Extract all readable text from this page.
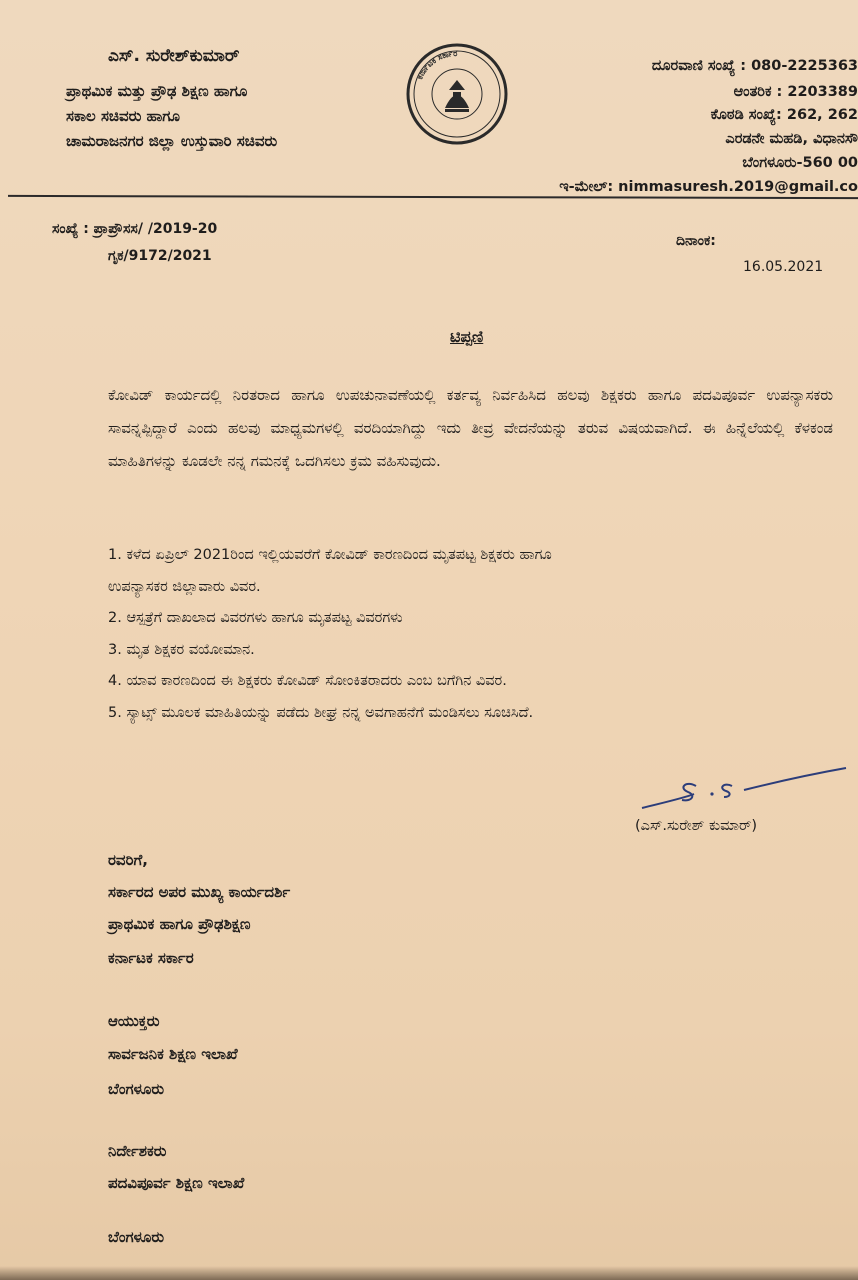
ಎಸ್. ಸುರೇಶ್‌ಕುಮಾರ್
ಪ್ರಾಥಮಿಕ ಮತ್ತು ಪ್ರೌಢ ಶಿಕ್ಷಣ ಹಾಗೂ
ಸಕಾಲ ಸಚಿವರು ಹಾಗೂ
ಚಾಮರಾಜನಗರ ಜಿಲ್ಲಾ ಉಸ್ತುವಾರಿ ಸಚಿವರು
ಕರ್ನಾಟಕ ಸರ್ಕಾರ
ದೂರವಾಣಿ ಸಂಖ್ಯೆ : 080-2225363
ಆಂತರಿಕ : 2203389
ಕೊಠಡಿ ಸಂಖ್ಯೆ: 262, 262
ಎರಡನೇ ಮಹಡಿ, ವಿಧಾನಸೌ
ಬೆಂಗಳೂರು-560 00
ಇ-ಮೇಲ್: nimmasuresh.2019@gmail.co
ಸಂಖ್ಯೆ : ಪ್ರಾಪ್ರೌಸಸ/ /2019-20
ಗೃಕ/9172/2021
ದಿನಾಂಕ:
16.05.2021
ಟಿಪ್ಪಣಿ
ಕೋವಿಡ್ ಕಾರ್ಯದಲ್ಲಿ ನಿರತರಾದ ಹಾಗೂ ಉಪಚುನಾವಣೆಯಲ್ಲಿ ಕರ್ತವ್ಯ ನಿರ್ವಹಿಸಿದ ಹಲವು ಶಿಕ್ಷಕರು ಹಾಗೂ ಪದವಿಪೂರ್ವ ಉಪನ್ಯಾಸಕರು ಸಾವನ್ನಪ್ಪಿದ್ದಾರೆ ಎಂದು ಹಲವು ಮಾಧ್ಯಮಗಳಲ್ಲಿ ವರದಿಯಾಗಿದ್ದು ಇದು ತೀವ್ರ ವೇದನೆಯನ್ನು ತರುವ ವಿಷಯವಾಗಿದೆ. ಈ ಹಿನ್ನೆಲೆಯಲ್ಲಿ ಕೆಳಕಂಡ ಮಾಹಿತಿಗಳನ್ನು ಕೂಡಲೇ ನನ್ನ ಗಮನಕ್ಕೆ ಒದಗಿಸಲು ಕ್ರಮ ವಹಿಸುವುದು.
1. ಕಳೆದ ಏಪ್ರಿಲ್ 2021ರಿಂದ ಇಲ್ಲಿಯವರೆಗೆ ಕೋವಿಡ್ ಕಾರಣದಿಂದ ಮೃತಪಟ್ಟ ಶಿಕ್ಷಕರು ಹಾಗೂ
ಉಪನ್ಯಾಸಕರ ಜಿಲ್ಲಾವಾರು ವಿವರ.
2. ಆಸ್ಪತ್ರೆಗೆ ದಾಖಲಾದ ವಿವರಗಳು ಹಾಗೂ ಮೃತಪಟ್ಟ ವಿವರಗಳು
3. ಮೃತ ಶಿಕ್ಷಕರ ವಯೋಮಾನ.
4. ಯಾವ ಕಾರಣದಿಂದ ಈ ಶಿಕ್ಷಕರು ಕೋವಿಡ್ ಸೋಂಕಿತರಾದರು ಎಂಬ ಬಗೆಗಿನ ವಿವರ.
5. ಸ್ಯಾಟ್ಸ್ ಮೂಲಕ ಮಾಹಿತಿಯನ್ನು ಪಡೆದು ಶೀಘ್ರ ನನ್ನ ಅವಗಾಹನೆಗೆ ಮಂಡಿಸಲು ಸೂಚಿಸಿದೆ.
(ಎಸ್.ಸುರೇಶ್ ಕುಮಾರ್)
ರವರಿಗೆ,
ಸರ್ಕಾರದ ಅಪರ ಮುಖ್ಯ ಕಾರ್ಯದರ್ಶಿ
ಪ್ರಾಥಮಿಕ ಹಾಗೂ ಪ್ರೌಢಶಿಕ್ಷಣ
ಕರ್ನಾಟಕ ಸರ್ಕಾರ
ಆಯುಕ್ತರು
ಸಾರ್ವಜನಿಕ ಶಿಕ್ಷಣ ಇಲಾಖೆ
ಬೆಂಗಳೂರು
ನಿರ್ದೇಶಕರು
ಪದವಿಪೂರ್ವ ಶಿಕ್ಷಣ ಇಲಾಖೆ
ಬೆಂಗಳೂರು
